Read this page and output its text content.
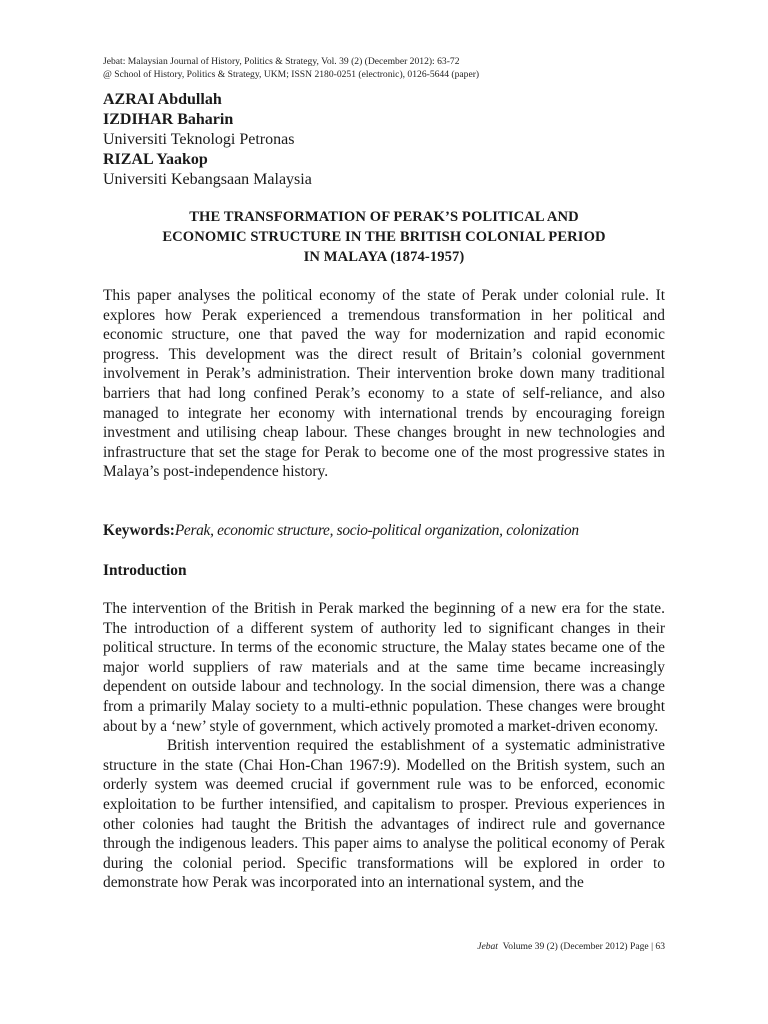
Jebat: Malaysian Journal of History, Politics & Strategy, Vol. 39 (2) (December 2012): 63-72
@ School of History, Politics & Strategy, UKM; ISSN 2180-0251 (electronic), 0126-5644 (paper)
AZRAI Abdullah
IZDIHAR Baharin
Universiti Teknologi Petronas
RIZAL Yaakop
Universiti Kebangsaan Malaysia
THE TRANSFORMATION OF PERAK’S POLITICAL AND
ECONOMIC STRUCTURE IN THE BRITISH COLONIAL PERIOD
IN MALAYA (1874-1957)
This paper analyses the political economy of the state of Perak under colonial rule. It explores how Perak experienced a tremendous transformation in her political and economic structure, one that paved the way for modernization and rapid economic progress. This development was the direct result of Britain’s colonial government involvement in Perak’s administration. Their intervention broke down many traditional barriers that had long confined Perak’s economy to a state of self-reliance, and also managed to integrate her economy with international trends by encouraging foreign investment and utilising cheap labour. These changes brought in new technologies and infrastructure that set the stage for Perak to become one of the most progressive states in Malaya’s post-independence history.
Keywords:Perak, economic structure, socio-political organization, colonization
Introduction

The intervention of the British in Perak marked the beginning of a new era for the state. The introduction of a different system of authority led to significant changes in their political structure. In terms of the economic structure, the Malay states became one of the major world suppliers of raw materials and at the same time became increasingly dependent on outside labour and technology. In the social dimension, there was a change from a primarily Malay society to a multi-ethnic population. These changes were brought about by a ‘new’ style of government, which actively promoted a market-driven economy.

British intervention required the establishment of a systematic administrative structure in the state (Chai Hon-Chan 1967:9). Modelled on the British system, such an orderly system was deemed crucial if government rule was to be enforced, economic exploitation to be further intensified, and capitalism to prosper. Previous experiences in other colonies had taught the British the advantages of indirect rule and governance through the indigenous leaders. This paper aims to analyse the political economy of Perak during the colonial period. Specific transformations will be explored in order to demonstrate how Perak was incorporated into an international system, and the

Jebat Volume 39 (2) (December 2012) Page | 63
